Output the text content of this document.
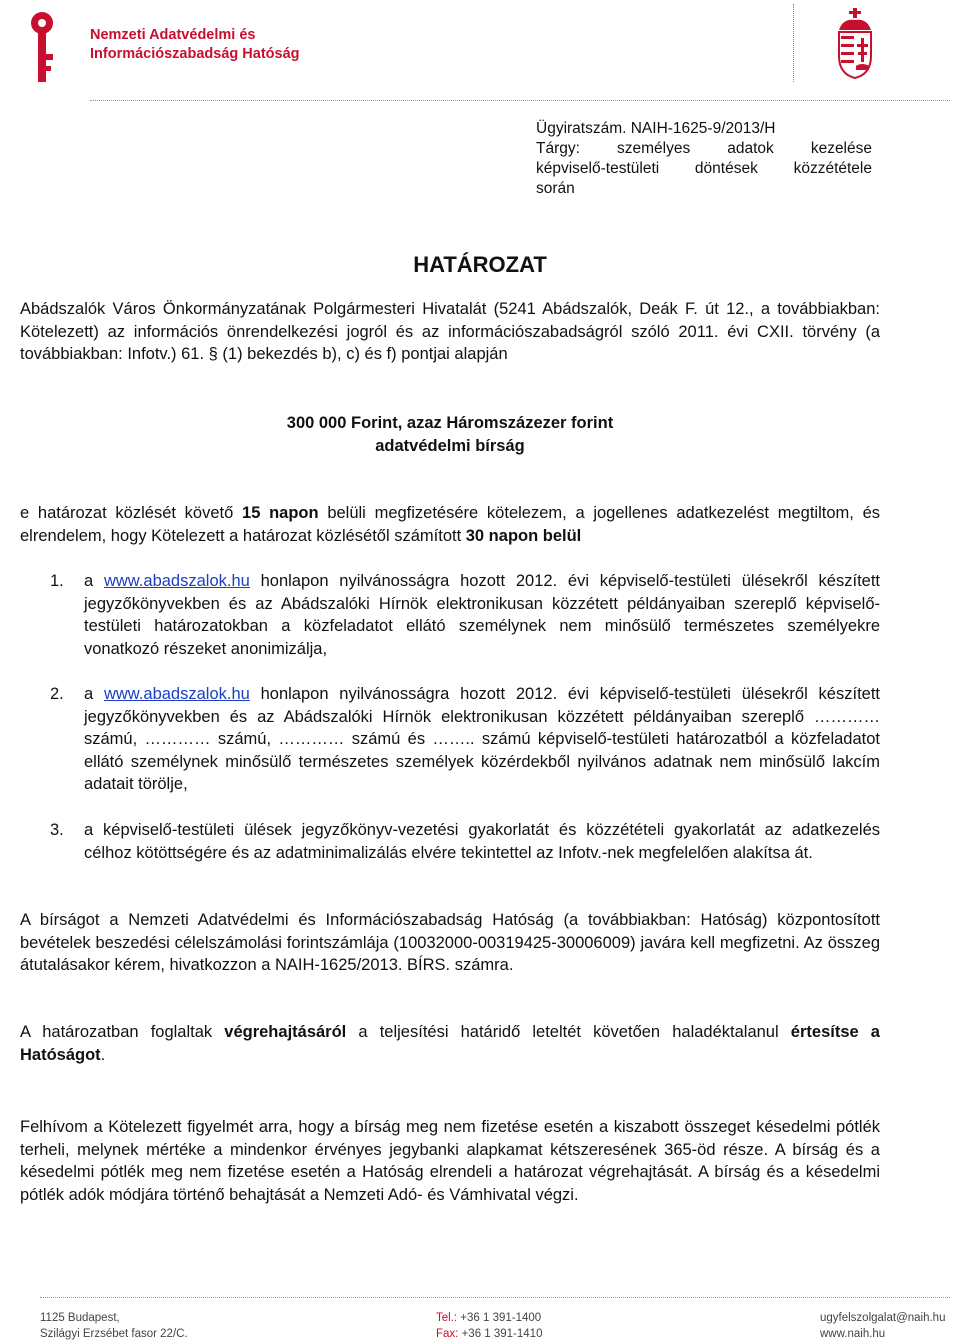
Nemzeti Adatvédelmi és
Információszabadság Hatóság
Ügyiratszám. NAIH-1625-9/2013/H
Tárgy: személyes adatok kezelése
képviselő-testületi döntések közzététele
során
HATÁROZAT
Abádszalók Város Önkormányzatának Polgármesteri Hivatalát (5241 Abádszalók, Deák F. út 12., a továbbiakban: Kötelezett) az információs önrendelkezési jogról és az információszabadságról szóló 2011. évi CXII. törvény (a továbbiakban: Infotv.) 61. § (1) bekezdés b), c) és f) pontjai alapján
300 000 Forint, azaz Háromszázezer forint
adatvédelmi bírság
e határozat közlését követő 15 napon belüli megfizetésére kötelezem, a jogellenes adatkezelést megtiltom, és elrendelem, hogy Kötelezett a határozat közlésétől számított 30 napon belül
1. a www.abadszalok.hu honlapon nyilvánosságra hozott 2012. évi képviselő-testületi ülésekről készített jegyzőkönyvekben és az Abádszalóki Hírnök elektronikusan közzétett példányaiban szereplő képviselő-testületi határozatokban a közfeladatot ellátó személynek nem minősülő természetes személyekre vonatkozó részeket anonimizálja,
2. a www.abadszalok.hu honlapon nyilvánosságra hozott 2012. évi képviselő-testületi ülésekről készített jegyzőkönyvekben és az Abádszalóki Hírnök elektronikusan közzétett példányaiban szereplő ………… számú, ………… számú, ………… számú és …….. számú képviselő-testületi határozatból a közfeladatot ellátó személynek minősülő természetes személyek közérdekből nyilvános adatnak nem minősülő lakcím adatait törölje,
3. a képviselő-testületi ülések jegyzőkönyv-vezetési gyakorlatát és közzétételi gyakorlatát az adatkezelés célhoz kötöttségére és az adatminimalizálás elvére tekintettel az Infotv.-nek megfelelően alakítsa át.
A bírságot a Nemzeti Adatvédelmi és Információszabadság Hatóság (a továbbiakban: Hatóság) központosított bevételek beszedési célelszámolási forintszámlája (10032000-00319425-30006009) javára kell megfizetni. Az összeg átutalásakor kérem, hivatkozzon a NAIH-1625/2013. BÍRS. számra.
A határozatban foglaltak végrehajtásáról a teljesítési határidő leteltét követően haladéktalanul értesítse a Hatóságot.
Felhívom a Kötelezett figyelmét arra, hogy a bírság meg nem fizetése esetén a kiszabott összeget késedelmi pótlék terheli, melynek mértéke a mindenkor érvényes jegybanki alapkamat kétszeresének 365-öd része. A bírság és a késedelmi pótlék meg nem fizetése esetén a Hatóság elrendeli a határozat végrehajtását. A bírság és a késedelmi pótlék adók módjára történő behajtását a Nemzeti Adó- és Vámhivatal végzi.
1125 Budapest,
Szilágyi Erzsébet fasor 22/C.
Tel.: +36 1 391-1400
Fax: +36 1 391-1410
ugyfelszolgalat@naih.hu
www.naih.hu
